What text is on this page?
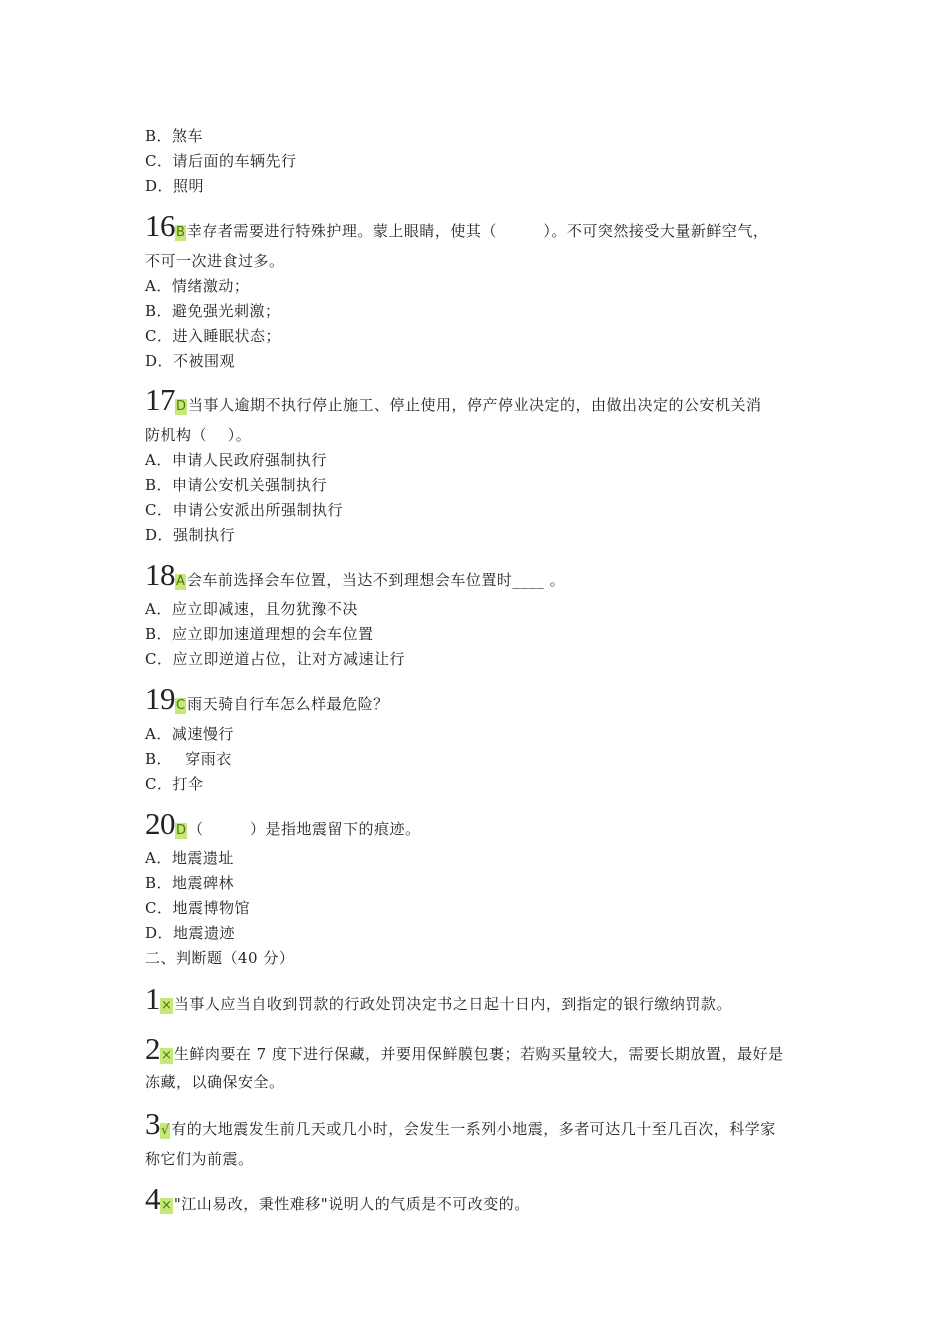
B．煞车
C．请后面的车辆先行
D．照明
16B 幸存者需要进行特殊护理。蒙上眼睛，使其（　　　）。不可突然接受大量新鲜空气，
不可一次进食过多。
A．情绪激动；
B．避免强光刺激；
C．进入睡眠状态；
D．不被围观
17D 当事人逾期不执行停止施工、停止使用，停产停业决定的，由做出决定的公安机关消
防机构（　 ）。
A．申请人民政府强制执行
B．申请公安机关强制执行
C．申请公安派出所强制执行
D．强制执行
18A 会车前选择会车位置，当达不到理想会车位置时____ 。
A．应立即减速，且勿犹豫不决
B．应立即加速道理想的会车位置
C．应立即逆道占位，让对方减速让行
19C 雨天骑自行车怎么样最危险？
A．减速慢行
B．　 穿雨衣
C．打伞
20D （　　　）是指地震留下的痕迹。
A．地震遗址
B．地震碑林
C．地震博物馆
D．地震遗迹
二、判断题（40 分）
1× 当事人应当自收到罚款的行政处罚决定书之日起十日内，到指定的银行缴纳罚款。
2× 生鲜肉要在 7 度下进行保藏，并要用保鲜膜包裹；若购买量较大，需要长期放置，最好是
冻藏，以确保安全。
3√ 有的大地震发生前几天或几小时，会发生一系列小地震，多者可达几十至几百次，科学家
称它们为前震。
4× "江山易改，秉性难移"说明人的气质是不可改变的。
